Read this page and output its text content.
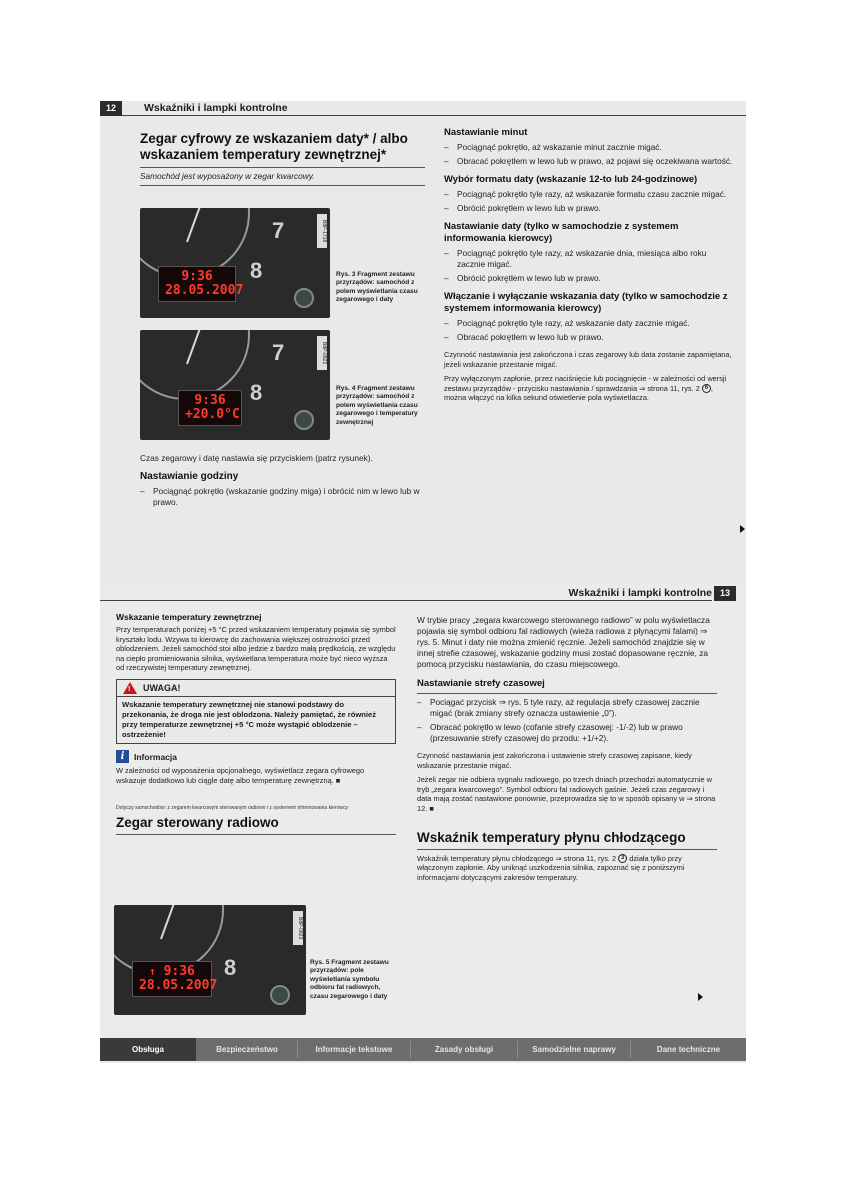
12	Wskaźniki i lampki kontrolne
Zegar cyfrowy ze wskazaniem daty* / albo wskazaniem temperatury zewnętrznej*
Samochód jest wyposażony w zegar kwarcowy.
7
8
9:36
28.05.2007
B8P-1718
Rys. 3 Fragment zestawu przyrządów: samochód z polem wyświetlania czasu zegarowego i daty
7
8
9:36
+20.0°C
B8P-0822
Rys. 4 Fragment zestawu przyrządów: samochód z polem wyświetlania czasu zegarowego i temperatury zewnętrznej
Czas zegarowy i datę nastawia się przyciskiem (patrz rysunek).
Nastawianie godziny
– Pociągnąć pokrętło (wskazanie godziny miga) i obrócić nim w lewo lub w prawo.
Nastawianie minut
– Pociągnąć pokrętło, aż wskazanie minut zacznie migać.
– Obracać pokrętłem w lewo lub w prawo, aż pojawi się oczekiwana wartość.
Wybór formatu daty (wskazanie 12-to lub 24-godzinowe)
– Pociągnąć pokrętło tyle razy, aż wskazanie formatu czasu zacznie migać.
– Obrócić pokrętłem w lewo lub w prawo.
Nastawianie daty (tylko w samochodzie z systemem informowania kierowcy)
– Pociągnąć pokrętło tyle razy, aż wskazanie dnia, miesiąca albo roku zacznie migać.
– Obrócić pokrętłem w lewo lub w prawo.
Włączanie i wyłączanie wskazania daty (tylko w samochodzie z systemem informowania kierowcy)
– Pociągnąć pokrętło tyle razy, aż wskazanie daty zacznie migać.
– Obracać pokrętłem w lewo lub w prawo.
Czynność nastawiania jest zakończona i czas zegarowy lub data zostanie zapamiętana, jeżeli wskazanie przestanie migać.
Przy wyłączonym zapłonie, przez naciśnięcie lub pociągnięcie - w zależności od wersji zestawu przyrządów - przycisku nastawiania / sprawdzania ⇒ strona 11, rys. 2 6 , można włączyć na kilka sekund oświetlenie pola wyświetlacza.
Wskaźniki i lampki kontrolne 13
Wskazanie temperatury zewnętrznej
Przy temperaturach poniżej +5 °C przed wskazaniem temperatury pojawia się symbol kryształu lodu. Wzywa to kierowcę do zachowania większej ostrożności przed oblodzeniem. Jeżeli samochód stoi albo jedzie z bardzo małą prędkością, ze względu na ciepło promieniowania silnika, wyświetlana temperatura może być nieco wyższa od rzeczywistej temperatury zewnętrznej.
! UWAGA!
Wskazanie temperatury zewnętrznej nie stanowi podstawy do przekonania, że droga nie jest oblodzona. Należy pamiętać, że również przy temperaturze zewnętrznej +5 °C może wystąpić oblodzenie – ostrzeżenie!
i	Informacja
W zależności od wyposażenia opcjonalnego, wyświetlacz zegara cyfrowego wskazuje dodatkowo lub ciągle datę albo temperaturę zewnętrzną. ■
Dotyczy samochodów: z zegarem kwarcowym sterowanym radiowo i z systemem informowania kierowcy
Zegar sterowany radiowo
8
↑ 9:36
28.05.2007
B8P-0823
Rys. 5 Fragment zestawu przyrządów: pole wyświetlania symbolu odbioru fal radiowych, czasu zegarowego i daty
W trybie pracy „zegara kwarcowego sterowanego radiowo” w polu wyświetlacza pojawia się symbol odbioru fal radiowych (wieża radiowa z płynącymi falami) ⇒ rys. 5. Minut i daty nie można zmienić ręcznie. Jeżeli samochód znajdzie się w innej strefie czasowej, wskazanie godziny musi zostać dopasowane ręcznie, za pomocą przycisku nastawiania, do czasu miejscowego.
Nastawianie strefy czasowej
– Pociągać przycisk ⇒ rys. 5 tyle razy, aż regulacja strefy czasowej zacznie migać (brak zmiany strefy oznacza ustawienie „0”).
– Obracać pokrętło w lewo (cofanie strefy czasowej: -1/-2) lub w prawo (przesuwanie strefy czasowej do przodu: +1/+2).
Czynność nastawiania jest zakończona i ustawienie strefy czasowej zapisane, kiedy wskazanie przestanie migać.
Jeżeli zegar nie odbiera sygnału radiowego, po trzech dniach przechodzi automatycznie w tryb „zegara kwarcowego”. Symbol odbioru fal radiowych gaśnie. Jeżeli czas zegarowy i data mają zostać nastawione ponownie, przeprowadza się to w sposób opisany w ⇒ strona 12. ■
Wskaźnik temperatury płynu chłodzącego
Wskaźnik temperatury płynu chłodzącego ⇒ strona 11, rys. 2 3 działa tylko przy włączonym zapłonie. Aby uniknąć uszkodzenia silnika, zapoznać się z poniższymi informacjami dotyczącymi zakresów temperatury.
Obsługa	Bezpieczeństwo	Informacje tekstowe	Zasady obsługi	Samodzielne naprawy	Dane techniczne
